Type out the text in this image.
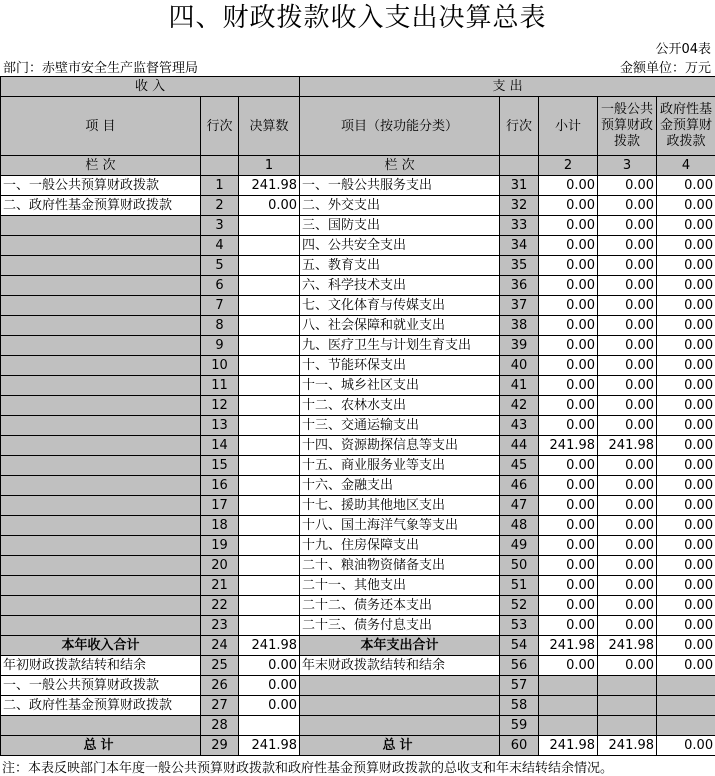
四、财政拨款收入支出决算总表
公开04表
部门：赤壁市安全生产监督管理局	金额单位：万元
收 入			支 出				
项 目	行次	决算数	项目（按功能分类）	行次	小计	一般公共预算财政拨款	政府性基金预算财政拨款
栏 次		1	栏 次		2	3	4
一、一般公共预算财政拨款	1	241.98	一、一般公共服务支出	31	0.00	0.00	0.00
二、政府性基金预算财政拨款	2	0.00	二、外交支出	32	0.00	0.00	0.00
	3		三、国防支出	33	0.00	0.00	0.00
	4		四、公共安全支出	34	0.00	0.00	0.00
	5		五、教育支出	35	0.00	0.00	0.00
	6		六、科学技术支出	36	0.00	0.00	0.00
	7		七、文化体育与传媒支出	37	0.00	0.00	0.00
	8		八、社会保障和就业支出	38	0.00	0.00	0.00
	9		九、医疗卫生与计划生育支出	39	0.00	0.00	0.00
	10		十、节能环保支出	40	0.00	0.00	0.00
	11		十一、城乡社区支出	41	0.00	0.00	0.00
	12		十二、农林水支出	42	0.00	0.00	0.00
	13		十三、交通运输支出	43	0.00	0.00	0.00
	14		十四、资源勘探信息等支出	44	241.98	241.98	0.00
	15		十五、商业服务业等支出	45	0.00	0.00	0.00
	16		十六、金融支出	46	0.00	0.00	0.00
	17		十七、援助其他地区支出	47	0.00	0.00	0.00
	18		十八、国土海洋气象等支出	48	0.00	0.00	0.00
	19		十九、住房保障支出	49	0.00	0.00	0.00
	20		二十、粮油物资储备支出	50	0.00	0.00	0.00
	21		二十一、其他支出	51	0.00	0.00	0.00
	22		二十二、债务还本支出	52	0.00	0.00	0.00
	23		二十三、债务付息支出	53	0.00	0.00	0.00
本年收入合计	24	241.98	本年支出合计	54	241.98	241.98	0.00
年初财政拨款结转和结余	25	0.00	年末财政拨款结转和结余	56	0.00	0.00	0.00
一、一般公共预算财政拨款	26	0.00		57			
二、政府性基金预算财政拨款	27	0.00		58			
	28			59			
总计	29	241.98	总计	60	241.98	241.98	0.00
注：本表反映部门本年度一般公共预算财政拨款和政府性基金预算财政拨款的总收支和年末结转结余情况。
